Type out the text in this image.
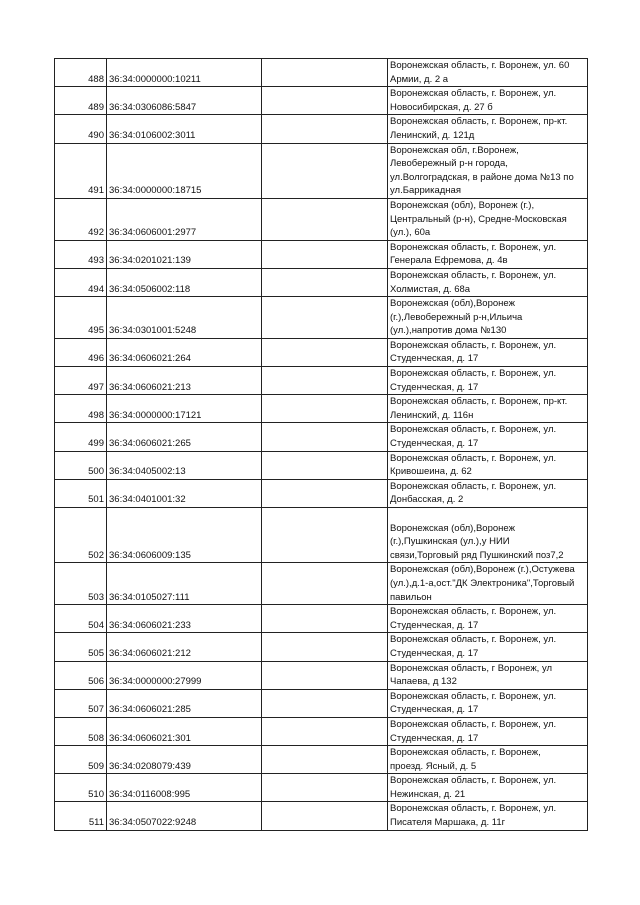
488	36:34:0000000:10211		Воронежская область, г. Воронеж, ул. 60
Армии, д. 2 а

489	36:34:0306086:5847		Воронежская область, г. Воронеж, ул.
Новосибирская, д. 27 б

490	36:34:0106002:3011		Воронежская область, г. Воронеж, пр-кт.
Ленинский, д. 121д

491	36:34:0000000:18715		Воронежская обл, г.Воронеж,
Левобережный р-н города,
ул.Волгоградская, в районе дома №13 по
ул.Баррикадная

492	36:34:0606001:2977		Воронежская (обл), Воронеж (г.),
Центральный (р-н), Средне-Московская
(ул.), 60а

493	36:34:0201021:139		Воронежская область, г. Воронеж, ул.
Генерала Ефремова, д. 4в

494	36:34:0506002:118		Воронежская область, г. Воронеж, ул.
Холмистая, д. 68а

495	36:34:0301001:5248		Воронежская (обл),Воронеж
(г.),Левобережный р-н,Ильича
(ул.),напротив дома №130

496	36:34:0606021:264		Воронежская область, г. Воронеж, ул.
Студенческая, д. 17

497	36:34:0606021:213		Воронежская область, г. Воронеж, ул.
Студенческая, д. 17

498	36:34:0000000:17121		Воронежская область, г. Воронеж, пр-кт.
Ленинский, д. 116н

499	36:34:0606021:265		Воронежская область, г. Воронеж, ул.
Студенческая, д. 17

500	36:34:0405002:13		Воронежская область, г. Воронеж, ул.
Кривошеина, д. 62

501	36:34:0401001:32		Воронежская область, г. Воронеж, ул.
Донбасская, д. 2

502	36:34:0606009:135		Воронежская (обл),Воронеж
(г.),Пушкинская (ул.),у НИИ
связи,Торговый ряд Пушкинский поз7,2

503	36:34:0105027:111		Воронежская (обл),Воронеж (г.),Остужева
(ул.),д.1-а,ост."ДК Электроника",Торговый
павильон

504	36:34:0606021:233		Воронежская область, г. Воронеж, ул.
Студенческая, д. 17

505	36:34:0606021:212		Воронежская область, г. Воронеж, ул.
Студенческая, д. 17

506	36:34:0000000:27999		Воронежская область, г Воронеж, ул
Чапаева, д 132

507	36:34:0606021:285		Воронежская область, г. Воронеж, ул.
Студенческая, д. 17

508	36:34:0606021:301		Воронежская область, г. Воронеж, ул.
Студенческая, д. 17

509	36:34:0208079:439		Воронежская область, г. Воронеж,
проезд. Ясный, д. 5

510	36:34:0116008:995		Воронежская область, г. Воронеж, ул.
Нежинская, д. 21

511	36:34:0507022:9248		Воронежская область, г. Воронеж, ул.
Писателя Маршака, д. 11г
